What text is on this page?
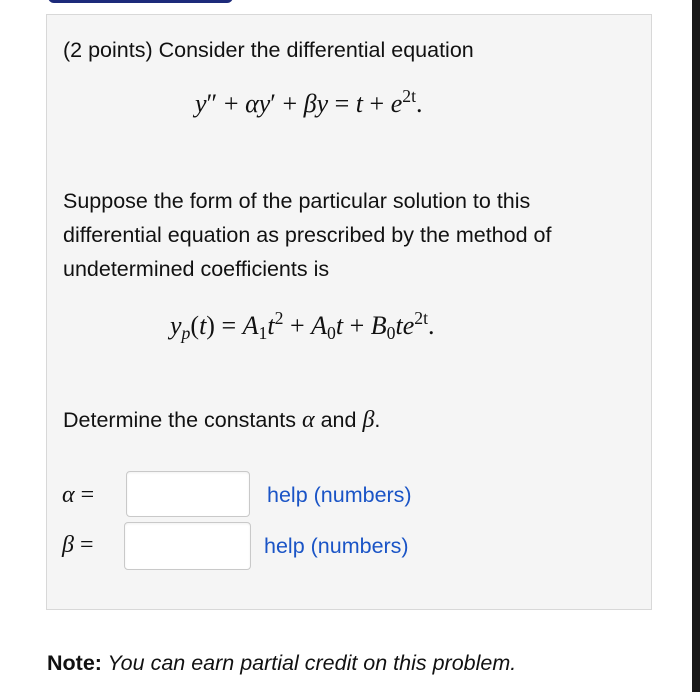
(2 points) Consider the differential equation
$y'' + \alpha y' + \beta y = t + e^{2t}$.
Suppose the form of the particular solution to this
differential equation as prescribed by the method of
undetermined coefficients is
$y_p(t) = A_1t^2 + A_0t + B_0te^{2t}$.
Determine the constants α and β.
α =	help (numbers)
β =	help (numbers)
Note: You can earn partial credit on this problem.
